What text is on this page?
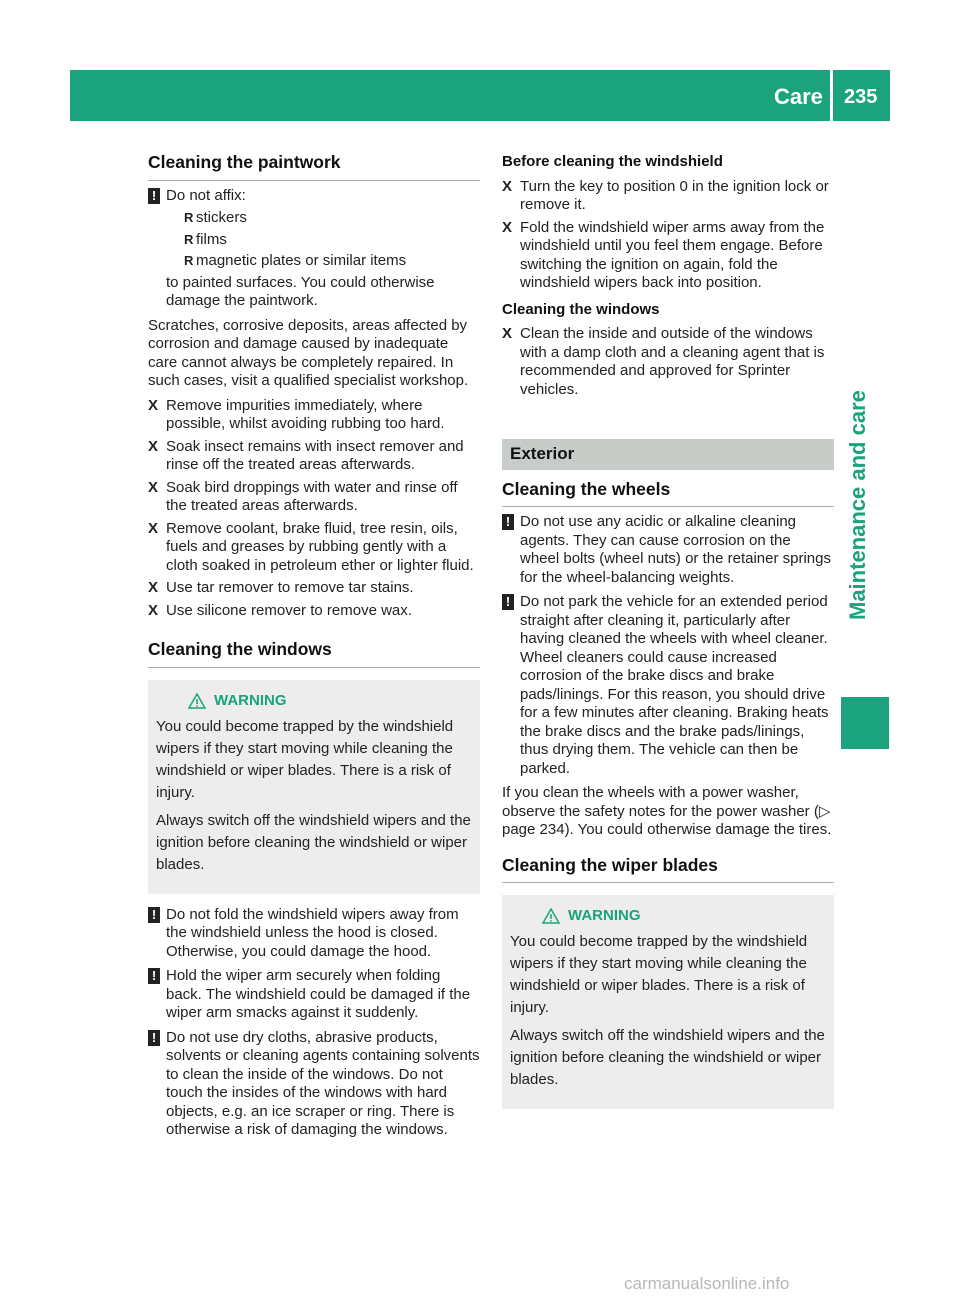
Care	235
Maintenance and care
Cleaning the paintwork
! Do not affix:
R stickers
R films
R magnetic plates or similar items
to painted surfaces. You could otherwise damage the paintwork.

Scratches, corrosive deposits, areas affected by corrosion and damage caused by inadequate care cannot always be completely repaired. In such cases, visit a qualified specialist workshop.

X Remove impurities immediately, where possible, whilst avoiding rubbing too hard.
X Soak insect remains with insect remover and rinse off the treated areas afterwards.
X Soak bird droppings with water and rinse off the treated areas afterwards.
X Remove coolant, brake fluid, tree resin, oils, fuels and greases by rubbing gently with a cloth soaked in petroleum ether or lighter fluid.
X Use tar remover to remove tar stains.
X Use silicone remover to remove wax.
Cleaning the windows
WARNING

You could become trapped by the windshield wipers if they start moving while cleaning the windshield or wiper blades. There is a risk of injury.

Always switch off the windshield wipers and the ignition before cleaning the windshield or wiper blades.

! Do not fold the windshield wipers away from the windshield unless the hood is closed. Otherwise, you could damage the hood.
! Hold the wiper arm securely when folding back. The windshield could be damaged if the wiper arm smacks against it suddenly.
! Do not use dry cloths, abrasive products, solvents or cleaning agents containing solvents to clean the inside of the windows. Do not touch the insides of the windows with hard objects, e.g. an ice scraper or ring. There is otherwise a risk of damaging the windows.
Before cleaning the windshield
X Turn the key to position 0 in the ignition lock or remove it.
X Fold the windshield wiper arms away from the windshield until you feel them engage. Before switching the ignition on again, fold the windshield wipers back into position.
Cleaning the windows
X Clean the inside and outside of the windows with a damp cloth and a cleaning agent that is recommended and approved for Sprinter vehicles.
Exterior
Cleaning the wheels
! Do not use any acidic or alkaline cleaning agents. They can cause corrosion on the wheel bolts (wheel nuts) or the retainer springs for the wheel-balancing weights.
! Do not park the vehicle for an extended period straight after cleaning it, particularly after having cleaned the wheels with wheel cleaner. Wheel cleaners could cause increased corrosion of the brake discs and brake pads/linings. For this reason, you should drive for a few minutes after cleaning. Braking heats the brake discs and the brake pads/linings, thus drying them. The vehicle can then be parked.

If you clean the wheels with a power washer, observe the safety notes for the power washer (▷ page 234). You could otherwise damage the tires.

Cleaning the wiper blades
WARNING

You could become trapped by the windshield wipers if they start moving while cleaning the windshield or wiper blades. There is a risk of injury.

Always switch off the windshield wipers and the ignition before cleaning the windshield or wiper blades.

carmanualsonline.info
